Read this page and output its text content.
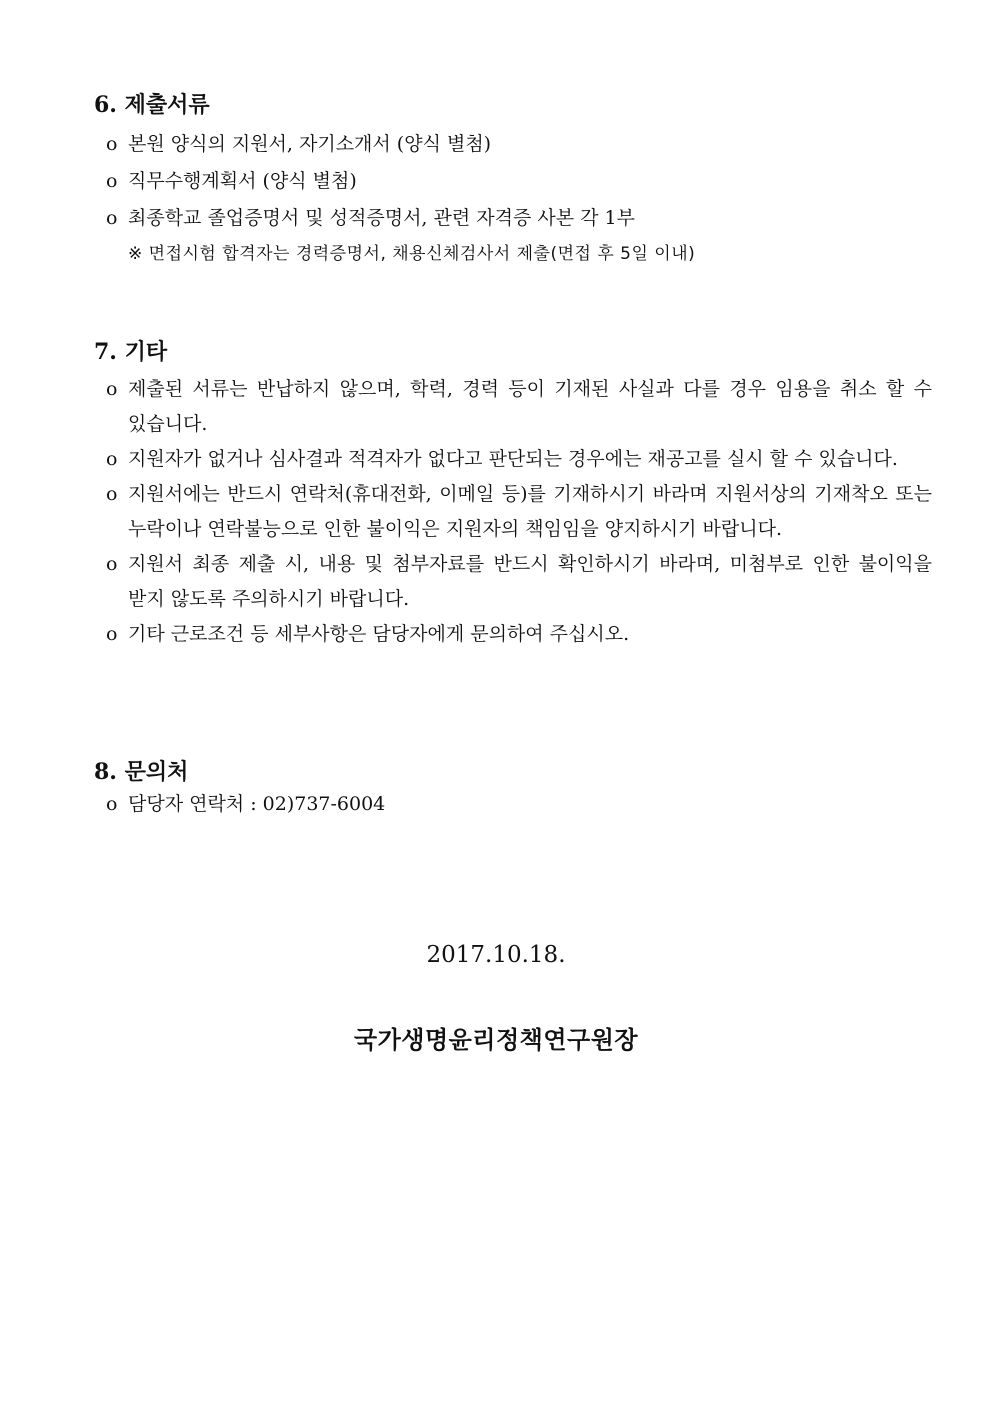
6. 제출서류

o 본원 양식의 지원서, 자기소개서 (양식 별첨)

o 직무수행계획서 (양식 별첨)

o 최종학교 졸업증명서 및 성적증명서, 관련 자격증 사본 각 1부

※ 면접시험 합격자는 경력증명서, 채용신체검사서 제출(면접 후 5일 이내)

7. 기타

o 제출된 서류는 반납하지 않으며, 학력, 경력 등이 기재된 사실과 다를 경우 임용을 취소 할 수 있습니다.

o 지원자가 없거나 심사결과 적격자가 없다고 판단되는 경우에는 재공고를 실시 할 수 있습니다.

o 지원서에는 반드시 연락처(휴대전화, 이메일 등)를 기재하시기 바라며 지원서상의 기재착오 또는 누락이나 연락불능으로 인한 불이익은 지원자의 책임임을 양지하시기 바랍니다.

o 지원서 최종 제출 시, 내용 및 첨부자료를 반드시 확인하시기 바라며, 미첨부로 인한 불이익을 받지 않도록 주의하시기 바랍니다.

o 기타 근로조건 등 세부사항은 담당자에게 문의하여 주십시오.

8. 문의처

o 담당자 연락처 : 02)737-6004

2017.10.18.
국가생명윤리정책연구원장
